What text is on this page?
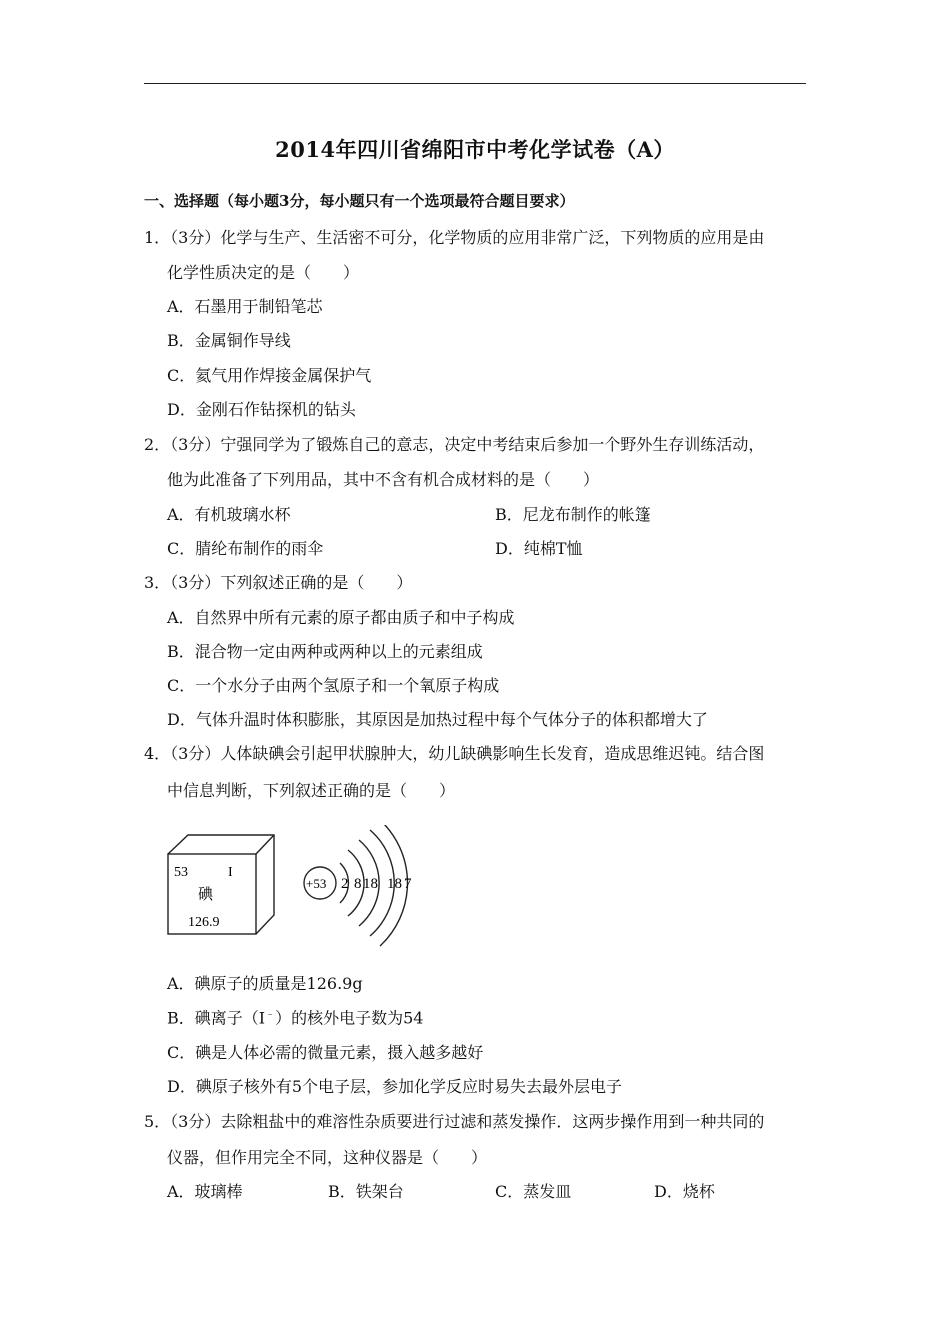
2014年四川省绵阳市中考化学试卷（A）
一、选择题（每小题3分，每小题只有一个选项最符合题目要求）
1．（3分）化学与生产、生活密不可分，化学物质的应用非常广泛，下列物质的应用是由
化学性质决定的是（　　）
A．石墨用于制铅笔芯
B．金属铜作导线
C．氦气用作焊接金属保护气
D．金刚石作钻探机的钻头
2．（3分）宁强同学为了锻炼自己的意志，决定中考结束后参加一个野外生存训练活动，
他为此准备了下列用品，其中不含有机合成材料的是（　　）
A．有机玻璃水杯	B．尼龙布制作的帐篷
C．腈纶布制作的雨伞	D．纯棉T恤
3．（3分）下列叙述正确的是（　　）
A．自然界中所有元素的原子都由质子和中子构成
B．混合物一定由两种或两种以上的元素组成
C．一个水分子由两个氢原子和一个氧原子构成
D．气体升温时体积膨胀，其原因是加热过程中每个气体分子的体积都增大了
4．（3分）人体缺碘会引起甲状腺肿大，幼儿缺碘影响生长发育，造成思维迟钝。结合图
中信息判断，下列叙述正确的是（　　）
53	I
碘
126.9
+53 2 8 18 18 7
A．碘原子的质量是126.9g
B．碘离子（I﹣）的核外电子数为54
C．碘是人体必需的微量元素，摄入越多越好
D．碘原子核外有5个电子层，参加化学反应时易失去最外层电子
5．（3分）去除粗盐中的难溶性杂质要进行过滤和蒸发操作．这两步操作用到一种共同的
仪器，但作用完全不同，这种仪器是（　　）
A．玻璃棒	B．铁架台	C．蒸发皿	D．烧杯
